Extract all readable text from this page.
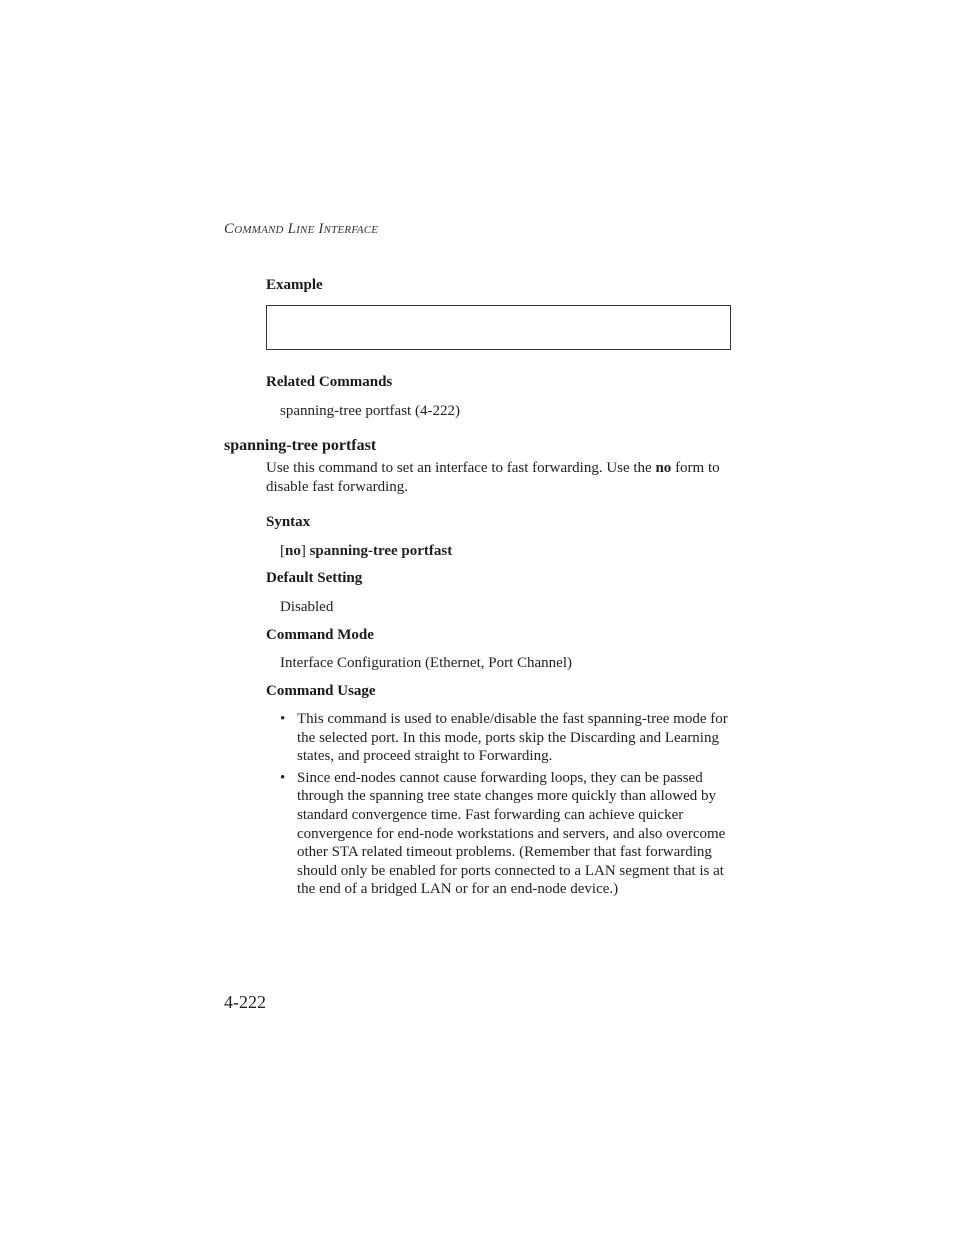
Command Line Interface
Example
Related Commands
spanning-tree portfast (4-222)
spanning-tree portfast
Use this command to set an interface to fast forwarding. Use the no form to disable fast forwarding.
Syntax
[no] spanning-tree portfast
Default Setting
Disabled
Command Mode
Interface Configuration (Ethernet, Port Channel)
Command Usage
• This command is used to enable/disable the fast spanning-tree mode for the selected port. In this mode, ports skip the Discarding and Learning states, and proceed straight to Forwarding.
• Since end-nodes cannot cause forwarding loops, they can be passed through the spanning tree state changes more quickly than allowed by standard convergence time. Fast forwarding can achieve quicker convergence for end-node workstations and servers, and also overcome other STA related timeout problems. (Remember that fast forwarding should only be enabled for ports connected to a LAN segment that is at the end of a bridged LAN or for an end-node device.)
4-222
